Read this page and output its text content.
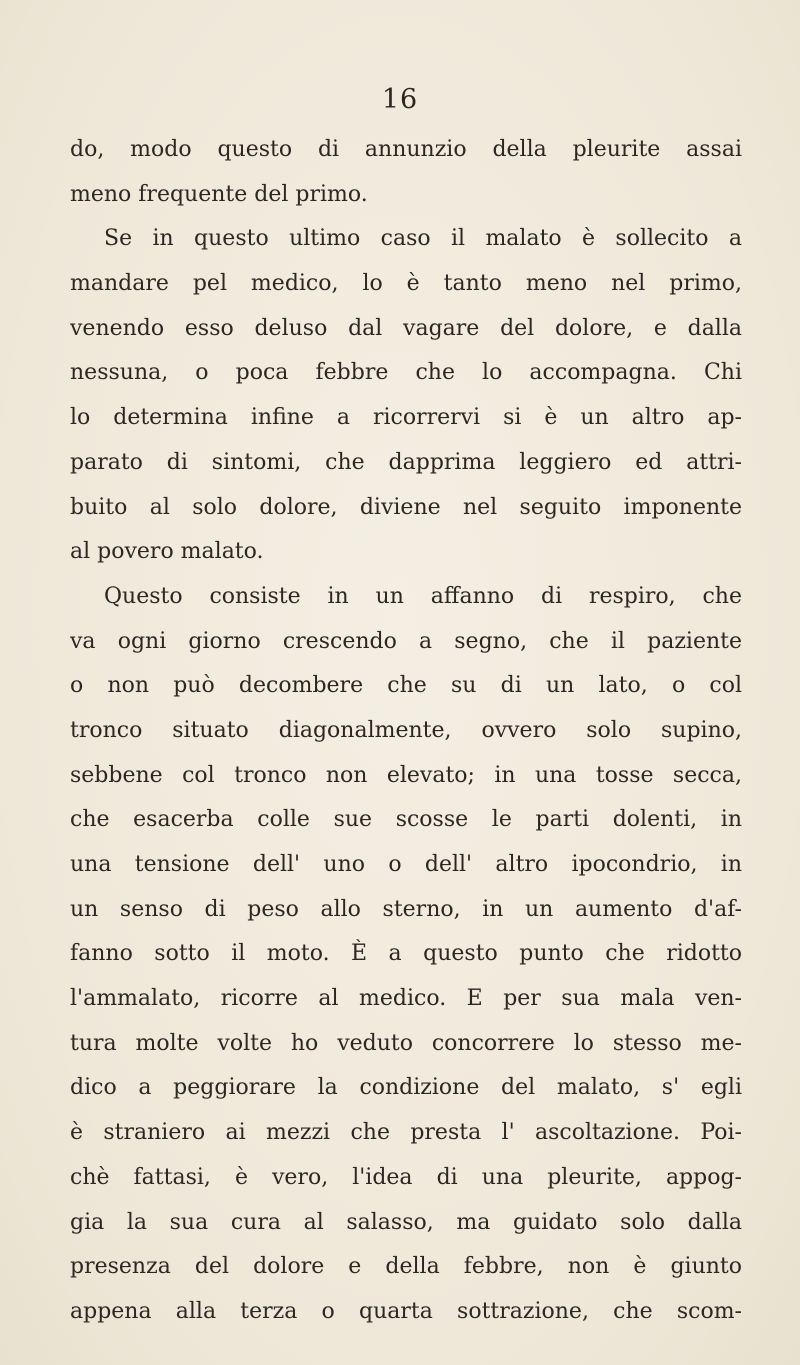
16
do, modo questo di annunzio della pleurite assai
meno frequente del primo.
Se in questo ultimo caso il malato è sollecito a
mandare pel medico, lo è tanto meno nel primo,
venendo esso deluso dal vagare del dolore, e dalla
nessuna, o poca febbre che lo accompagna. Chi
lo determina infine a ricorrervi si è un altro ap-
parato di sintomi, che dapprima leggiero ed attri-
buito al solo dolore, diviene nel seguito imponente
al povero malato.
Questo consiste in un affanno di respiro, che
va ogni giorno crescendo a segno, che il paziente
o non può decombere che su di un lato, o col
tronco situato diagonalmente, ovvero solo supino,
sebbene col tronco non elevato; in una tosse secca,
che esacerba colle sue scosse le parti dolenti, in
una tensione dell' uno o dell' altro ipocondrio, in
un senso di peso allo sterno, in un aumento d'af-
fanno sotto il moto. È a questo punto che ridotto
l'ammalato, ricorre al medico. E per sua mala ven-
tura molte volte ho veduto concorrere lo stesso me-
dico a peggiorare la condizione del malato, s' egli
è straniero ai mezzi che presta l' ascoltazione. Poi-
chè fattasi, è vero, l'idea di una pleurite, appog-
gia la sua cura al salasso, ma guidato solo dalla
presenza del dolore e della febbre, non è giunto
appena alla terza o quarta sottrazione, che scom-
